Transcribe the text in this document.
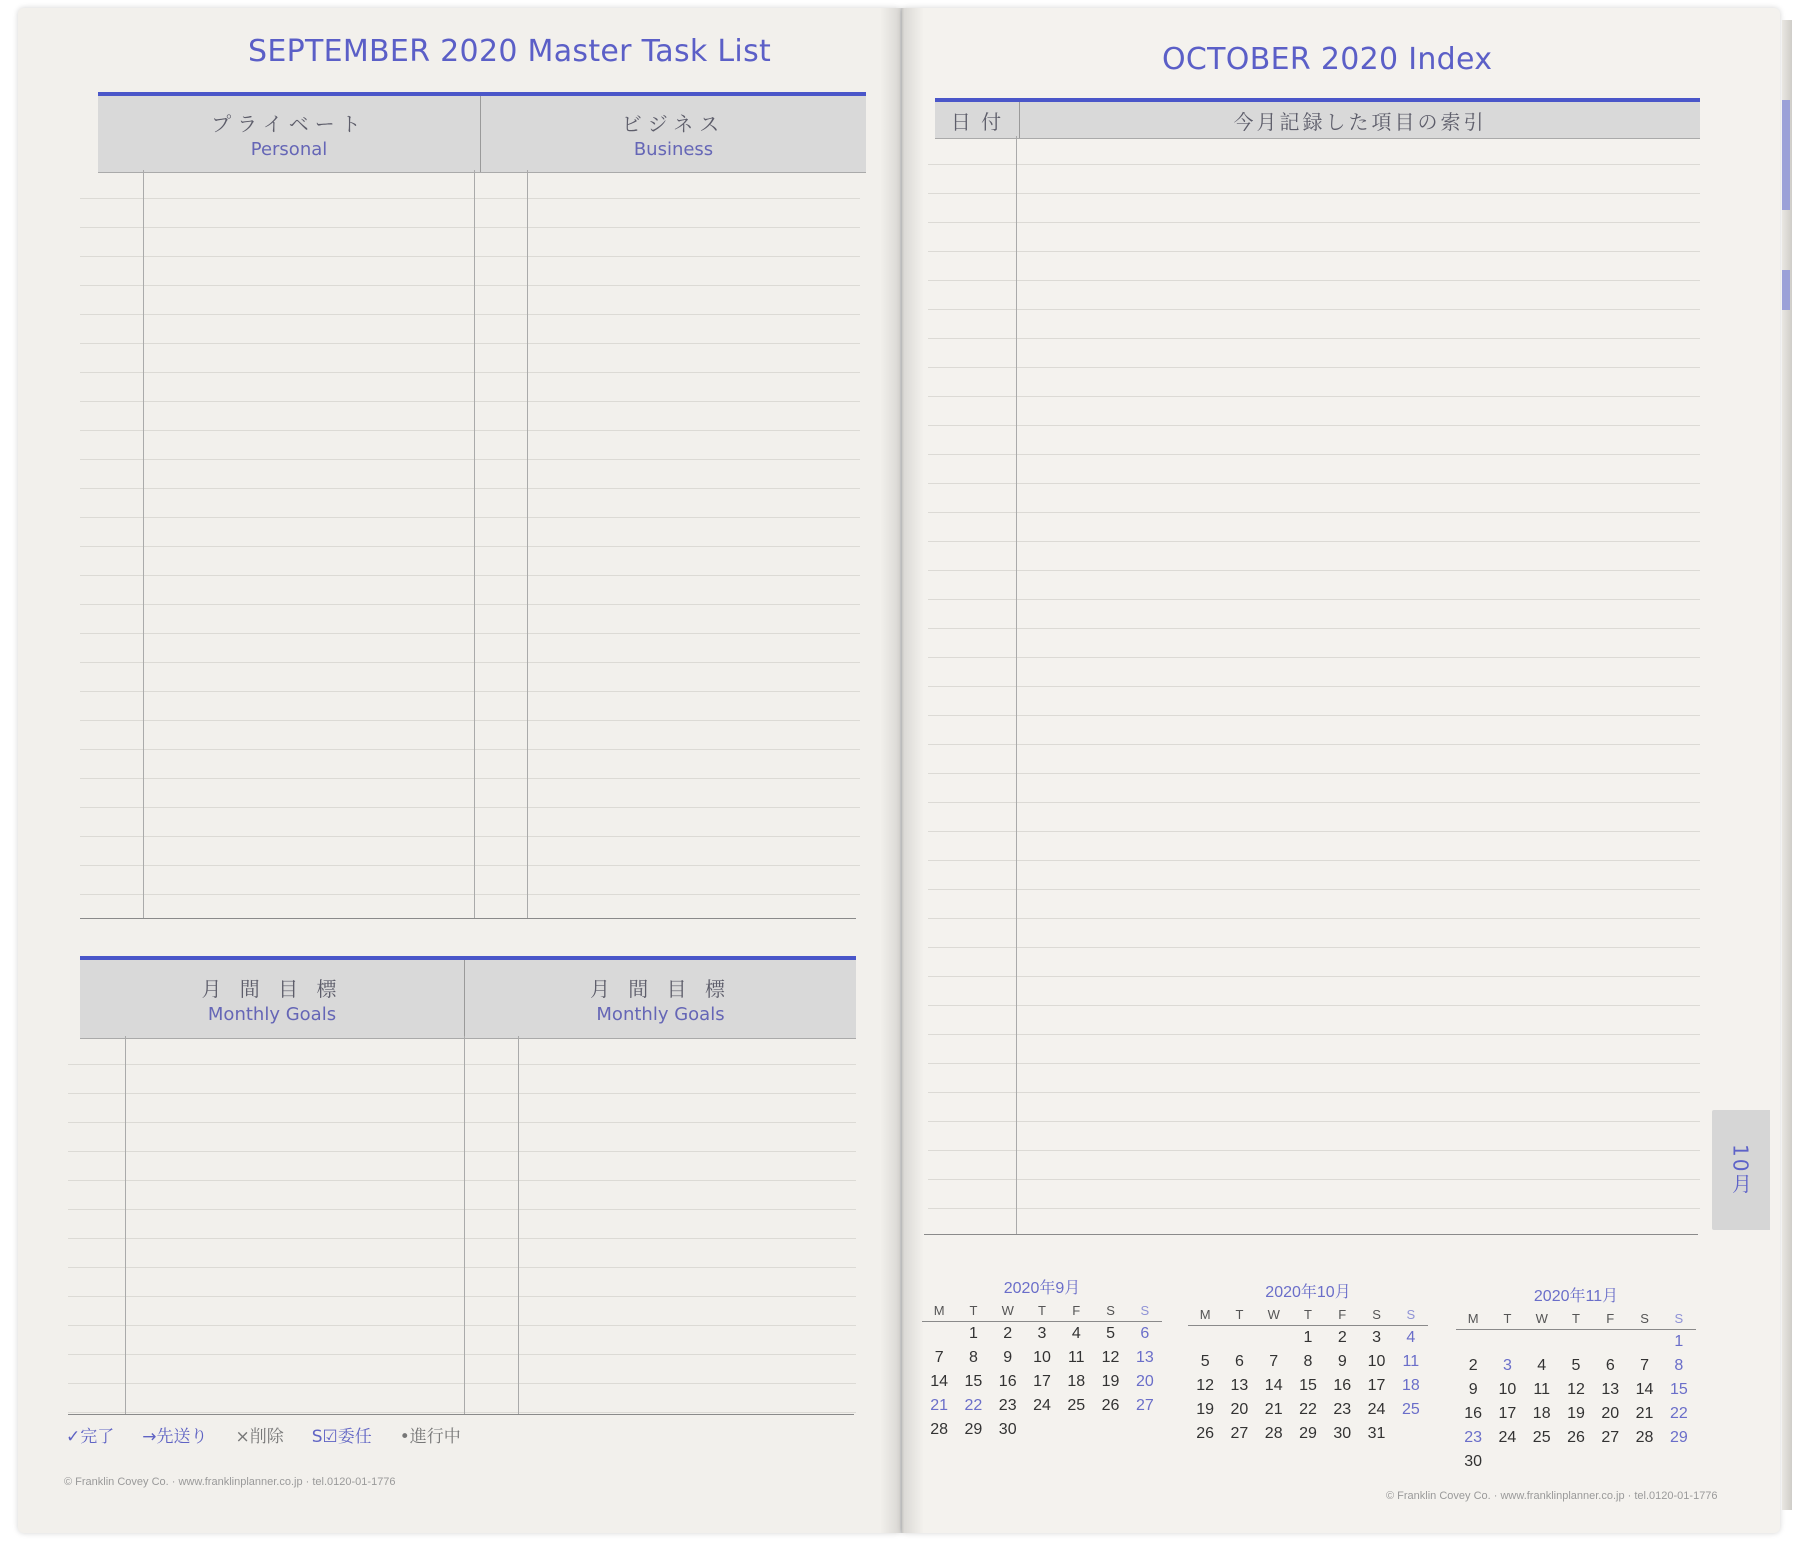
SEPTEMBER 2020 Master Task List
プライベート
Personal
ビジネス
Business
月 間 目 標
Monthly Goals
月 間 目 標
Monthly Goals
✓完了 →先送り ×削除 S☑委任 •進行中
© Franklin Covey Co. · www.franklinplanner.co.jp · tel.0120-01-1776
OCTOBER 2020 Index
日 付	今月記録した項目の索引
10月
2020年9月
M	T	W	T	F	S	S
	1	2	3	4	5	6
7	8	9	10	11	12	13
14	15	16	17	18	19	20
21	22	23	24	25	26	27
28	29	30				
2020年10月
M	T	W	T	F	S	S
			1	2	3	4
5	6	7	8	9	10	11
12	13	14	15	16	17	18
19	20	21	22	23	24	25
26	27	28	29	30	31	
2020年11月
M	T	W	T	F	S	S
						1
2	3	4	5	6	7	8
9	10	11	12	13	14	15
16	17	18	19	20	21	22
23	24	25	26	27	28	29
30						
© Franklin Covey Co. · www.franklinplanner.co.jp · tel.0120-01-1776
